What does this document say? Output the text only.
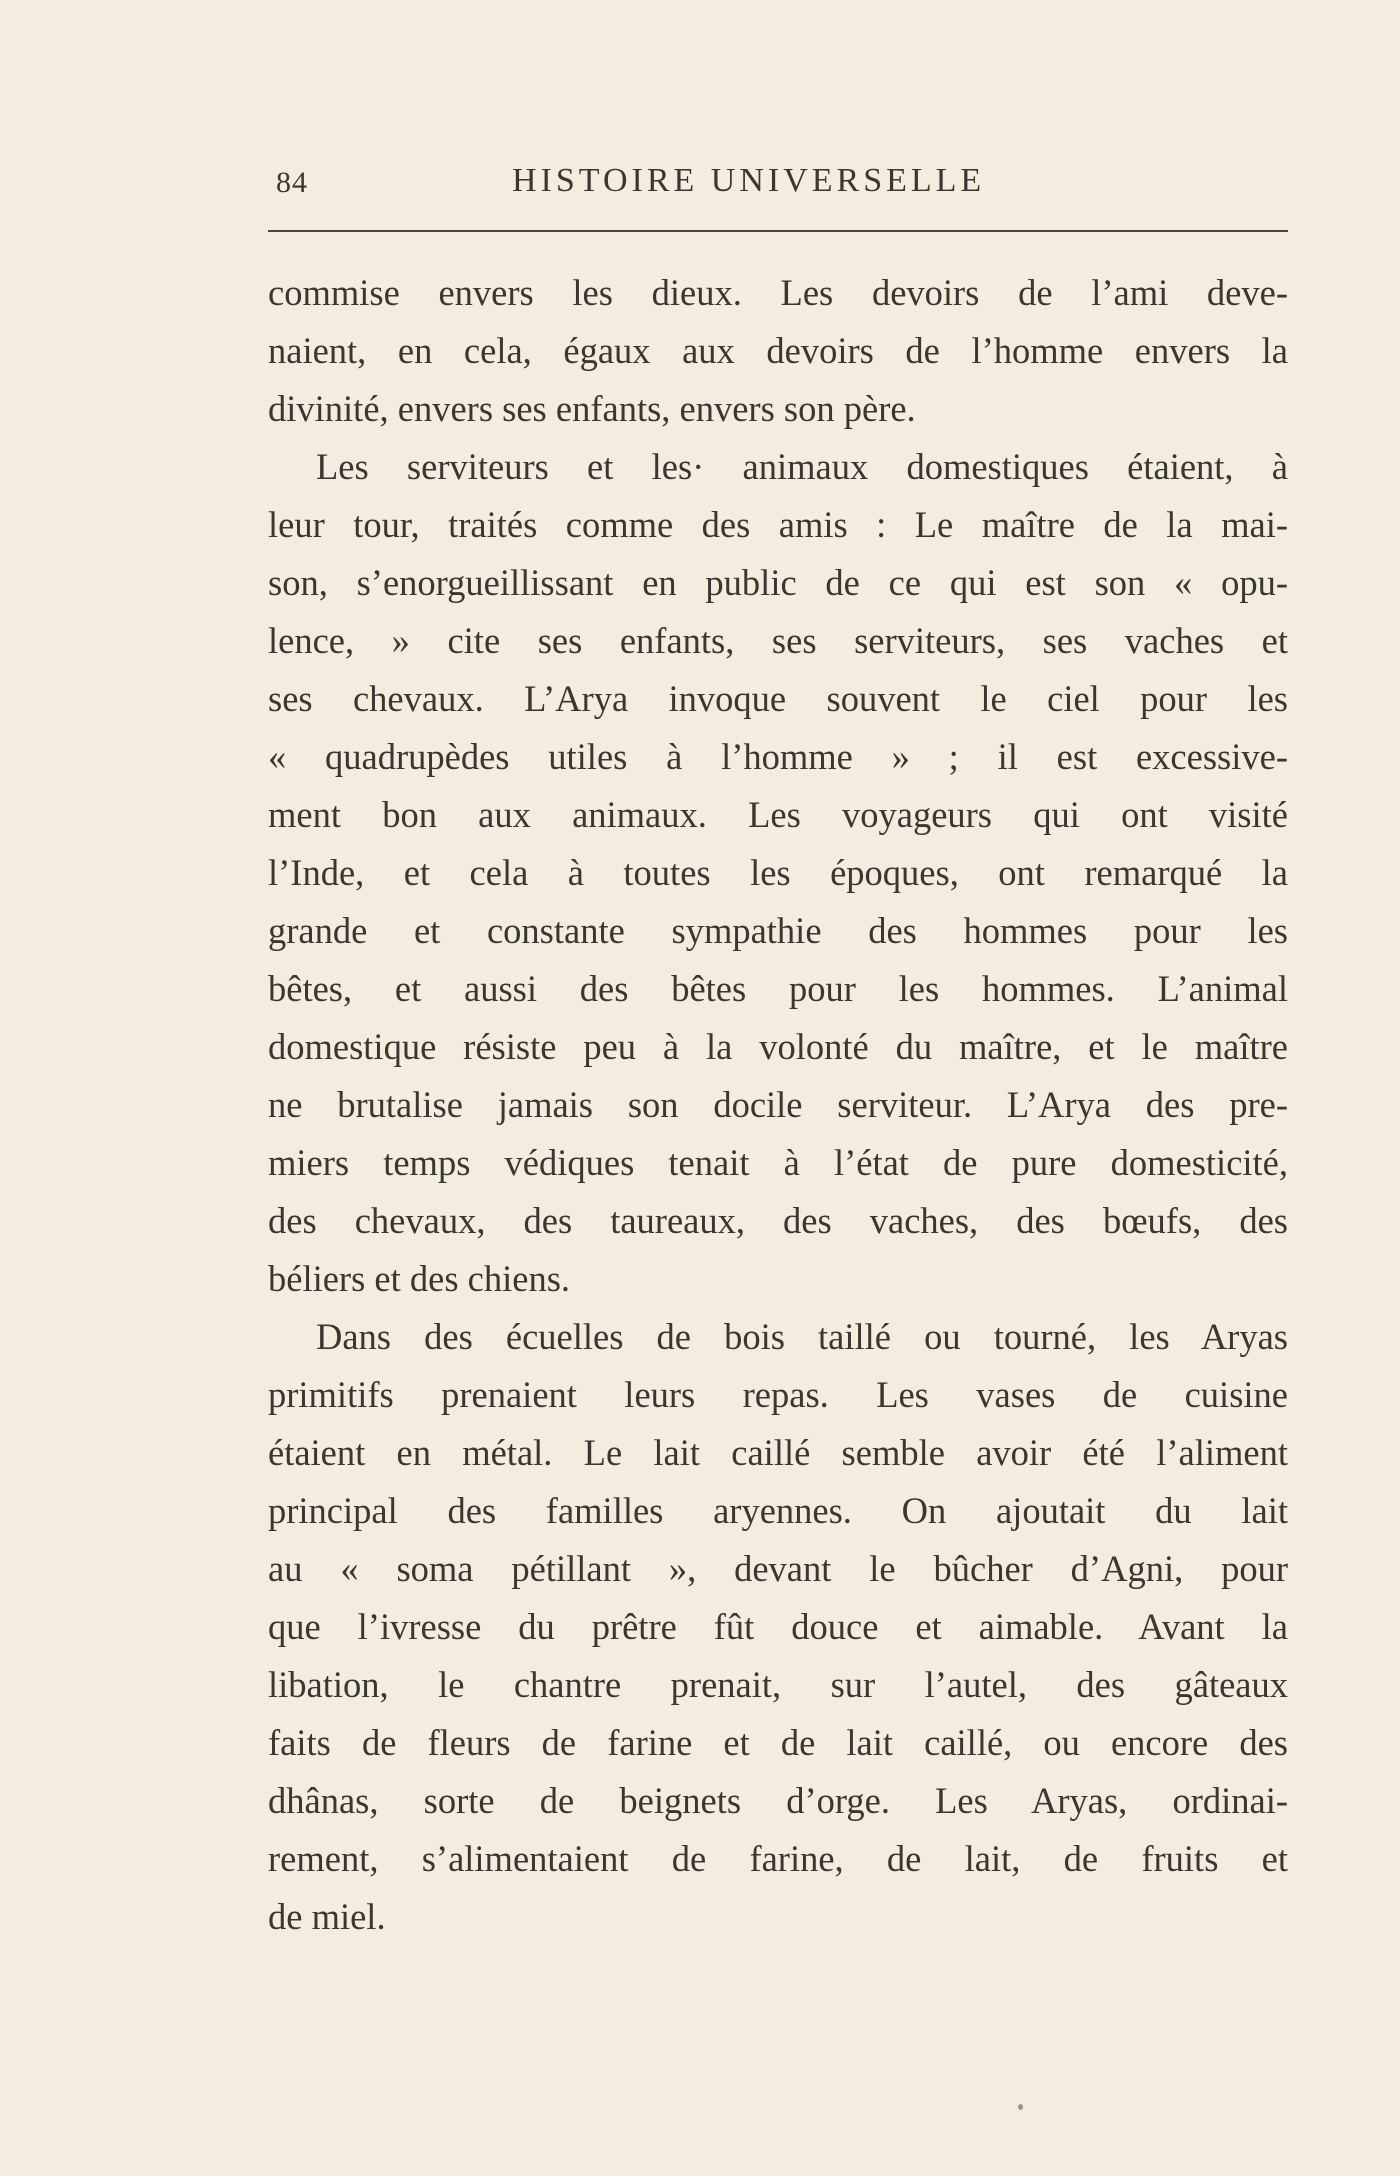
84	HISTOIRE UNIVERSELLE

commise envers les dieux. Les devoirs de l’ami deve-
naient, en cela, égaux aux devoirs de l’homme envers la
divinité, envers ses enfants, envers son père.

Les serviteurs et les· animaux domestiques étaient, à
leur tour, traités comme des amis : Le maître de la mai-
son, s’enorgueillissant en public de ce qui est son « opu-
lence, » cite ses enfants, ses serviteurs, ses vaches et
ses chevaux. L’Arya invoque souvent le ciel pour les
« quadrupèdes utiles à l’homme » ; il est excessive-
ment bon aux animaux. Les voyageurs qui ont visité
l’Inde, et cela à toutes les époques, ont remarqué la
grande et constante sympathie des hommes pour les
bêtes, et aussi des bêtes pour les hommes. L’animal
domestique résiste peu à la volonté du maître, et le maître
ne brutalise jamais son docile serviteur. L’Arya des pre-
miers temps védiques tenait à l’état de pure domesticité,
des chevaux, des taureaux, des vaches, des bœufs, des
béliers et des chiens.

Dans des écuelles de bois taillé ou tourné, les Aryas
primitifs prenaient leurs repas. Les vases de cuisine
étaient en métal. Le lait caillé semble avoir été l’aliment
principal des familles aryennes. On ajoutait du lait
au « soma pétillant », devant le bûcher d’Agni, pour
que l’ivresse du prêtre fût douce et aimable. Avant la
libation, le chantre prenait, sur l’autel, des gâteaux
faits de fleurs de farine et de lait caillé, ou encore des
dhânas, sorte de beignets d’orge. Les Aryas, ordinai-
rement, s’alimentaient de farine, de lait, de fruits et
de miel.
